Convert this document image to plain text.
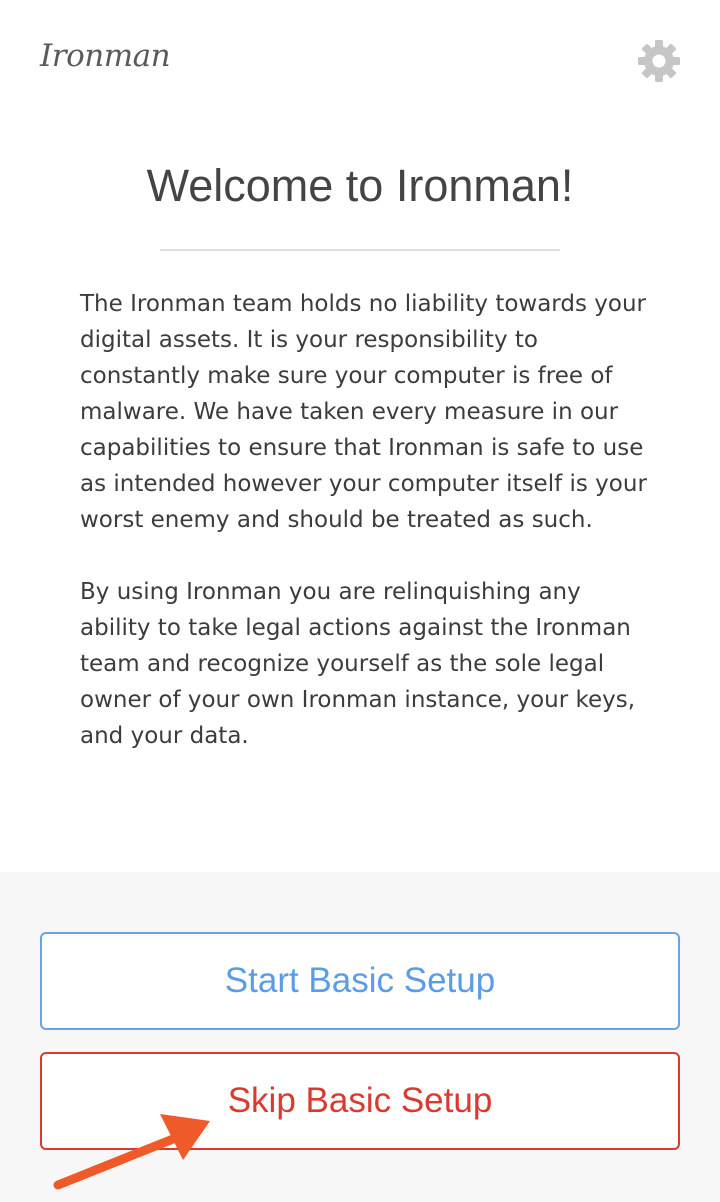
Ironman
Welcome to Ironman!

The Ironman team holds no liability towards your digital assets. It is your responsibility to constantly make sure your computer is free of malware. We have taken every measure in our capabilities to ensure that Ironman is safe to use as intended however your computer itself is your worst enemy and should be treated as such.

By using Ironman you are relinquishing any ability to take legal actions against the Ironman team and recognize yourself as the sole legal owner of your own Ironman instance, your keys, and your data.

Start Basic Setup
Skip Basic Setup
